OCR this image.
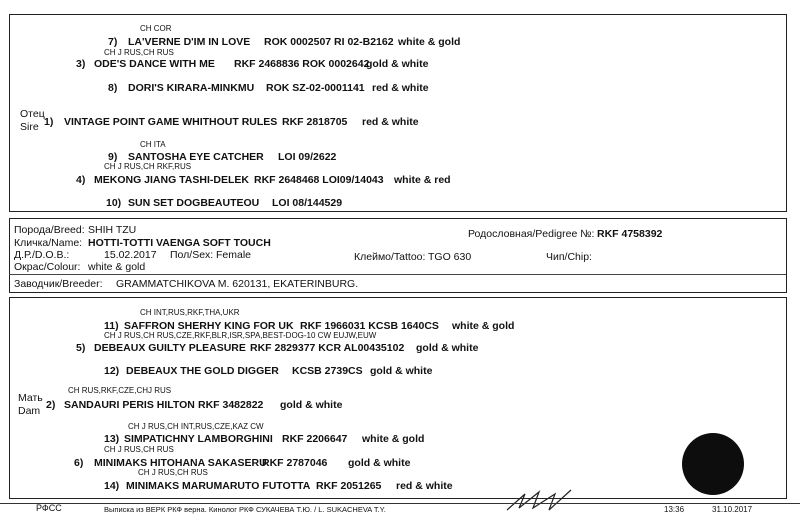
CH COR
7) LA'VERNE D'IM IN LOVE ROK 0002507 RI 02-B2162 white & gold
CH J RUS,CH RUS
3) ODE'S DANCE WITH ME RKF 2468836 ROK 0002642
gold & white
8) DORI'S KIRARA-MINKMU ROK SZ-02-0001141 red & white
Отец
Sire 1) VINTAGE POINT GAME WHITHOUT RULES RKF 2818705 red & white
CH ITA
9) SANTOSHA EYE CATCHER LOI 09/2622
CH J RUS,CH RKF,RUS
4) MEKONG JIANG TASHI-DELEK RKF 2648468 LOI09/14043 white & red
10) SUN SET DOGBEAUTEOU LOI 08/144529
Порода/Breed: SHIH TZU	Родословная/Pedigree №: RKF 4758392
Кличка/Name: HOTTI-TOTTI VAENGA SOFT TOUCH
Д.Р./D.O.B.:	15.02.2017 Пол/Sex: Female	Клеймо/Tattoo: TGO 630	Чип/Chip:
Окрас/Colour: white & gold
Заводчик/Breeder: GRAMMATCHIKOVA M. 620131, EKATERINBURG.
CH INT,RUS,RKF,THA,UKR
11) SAFFRON SHERHY KING FOR UK RKF 1966031 KCSB 1640CS white & gold
CH J RUS,CH RUS,CZE,RKF,BLR,ISR,SPA,BEST-DOG-10 CW EUJW,EUW
5) DEBEAUX GUILTY PLEASURE RKF 2829377 KCR AL00435102 gold & white
12) DEBEAUX THE GOLD DIGGER KCSB 2739CS gold & white
CH RUS,RKF,CZE,CHJ RUS
Мать
Dam 2) SANDAURI PERIS HILTON RKF 3482822 gold & white
CH J RUS,CH INT,RUS,CZE,KAZ CW
13) SIMPATICHNY LAMBORGHINI RKF 2206647 white & gold
CH J RUS,CH RUS
6) MINIMAKS HITOHANA SAKASERU
RKF 2787046 gold & white
CH J RUS,CH RUS
14) MINIMAKS MARUMARUTO FUTOTTA RKF 2051265 red & white
РФСС	Выписка из ВЕРК РКФ верна. Кинолог РКФ СУКАЧЕВА Т.Ю. / L. SUKACHEVA T.Y.	13:36	31.10.2017
